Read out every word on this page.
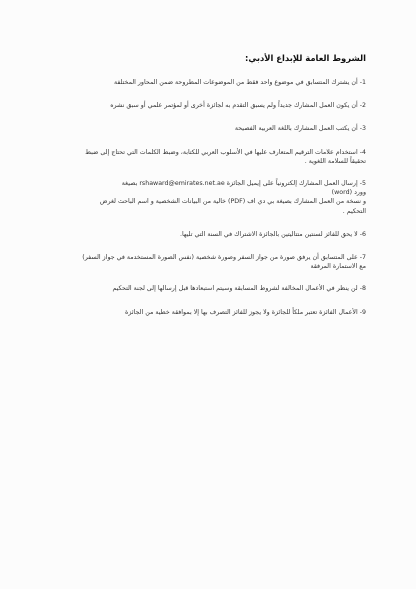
الشروط العامة للإبداع الأدبي:
1- أن يشترك المتسابق في موضوع واحد فقط من الموضوعات المطروحة ضمن المحاور المختلفة
2- أن يكون العمل المشارك جديداً ولم يسبق التقدم به لجائزة أخرى أو لمؤتمر علمي أو سبق نشره
3- أن يكتب العمل المشارك باللغة العربية الفصيحة
4- استخدام علامات الترقيم المتعارف عليها في الأسلوب العربي للكتابة، وضبط الكلمات التي تحتاج إلى ضبط
تحقيقاً للسلامة اللغوية .
5- إرسال العمل المشارك إلكترونياً على إيميل الجائزة rshaward@emirates.net.ae بصيغة
وورد (word)
و نسخة من العمل المشارك بصيغة بي دي اف (PDF) خالية من البيانات الشخصية و اسم الباحث لغرض
التحكيم .
6- لا يحق للفائز لسنتين متتاليتين بالجائزة الاشتراك في السنة التي تليها.
7- على المتسابق أن يرفق صورة من جواز السفر وصورة شخصية (نفس الصورة المستخدمة في جواز السفر)
مع الاستمارة المرفقة
8- لن ينظر في الأعمال المخالفة لشروط المسابقة وسيتم استبعادها قبل إرسالها إلى لجنة التحكيم
9- الأعمال الفائزة تعتبر ملكاً للجائزة ولا يجوز للفائز التصرف بها إلا بموافقة خطية من الجائزة
